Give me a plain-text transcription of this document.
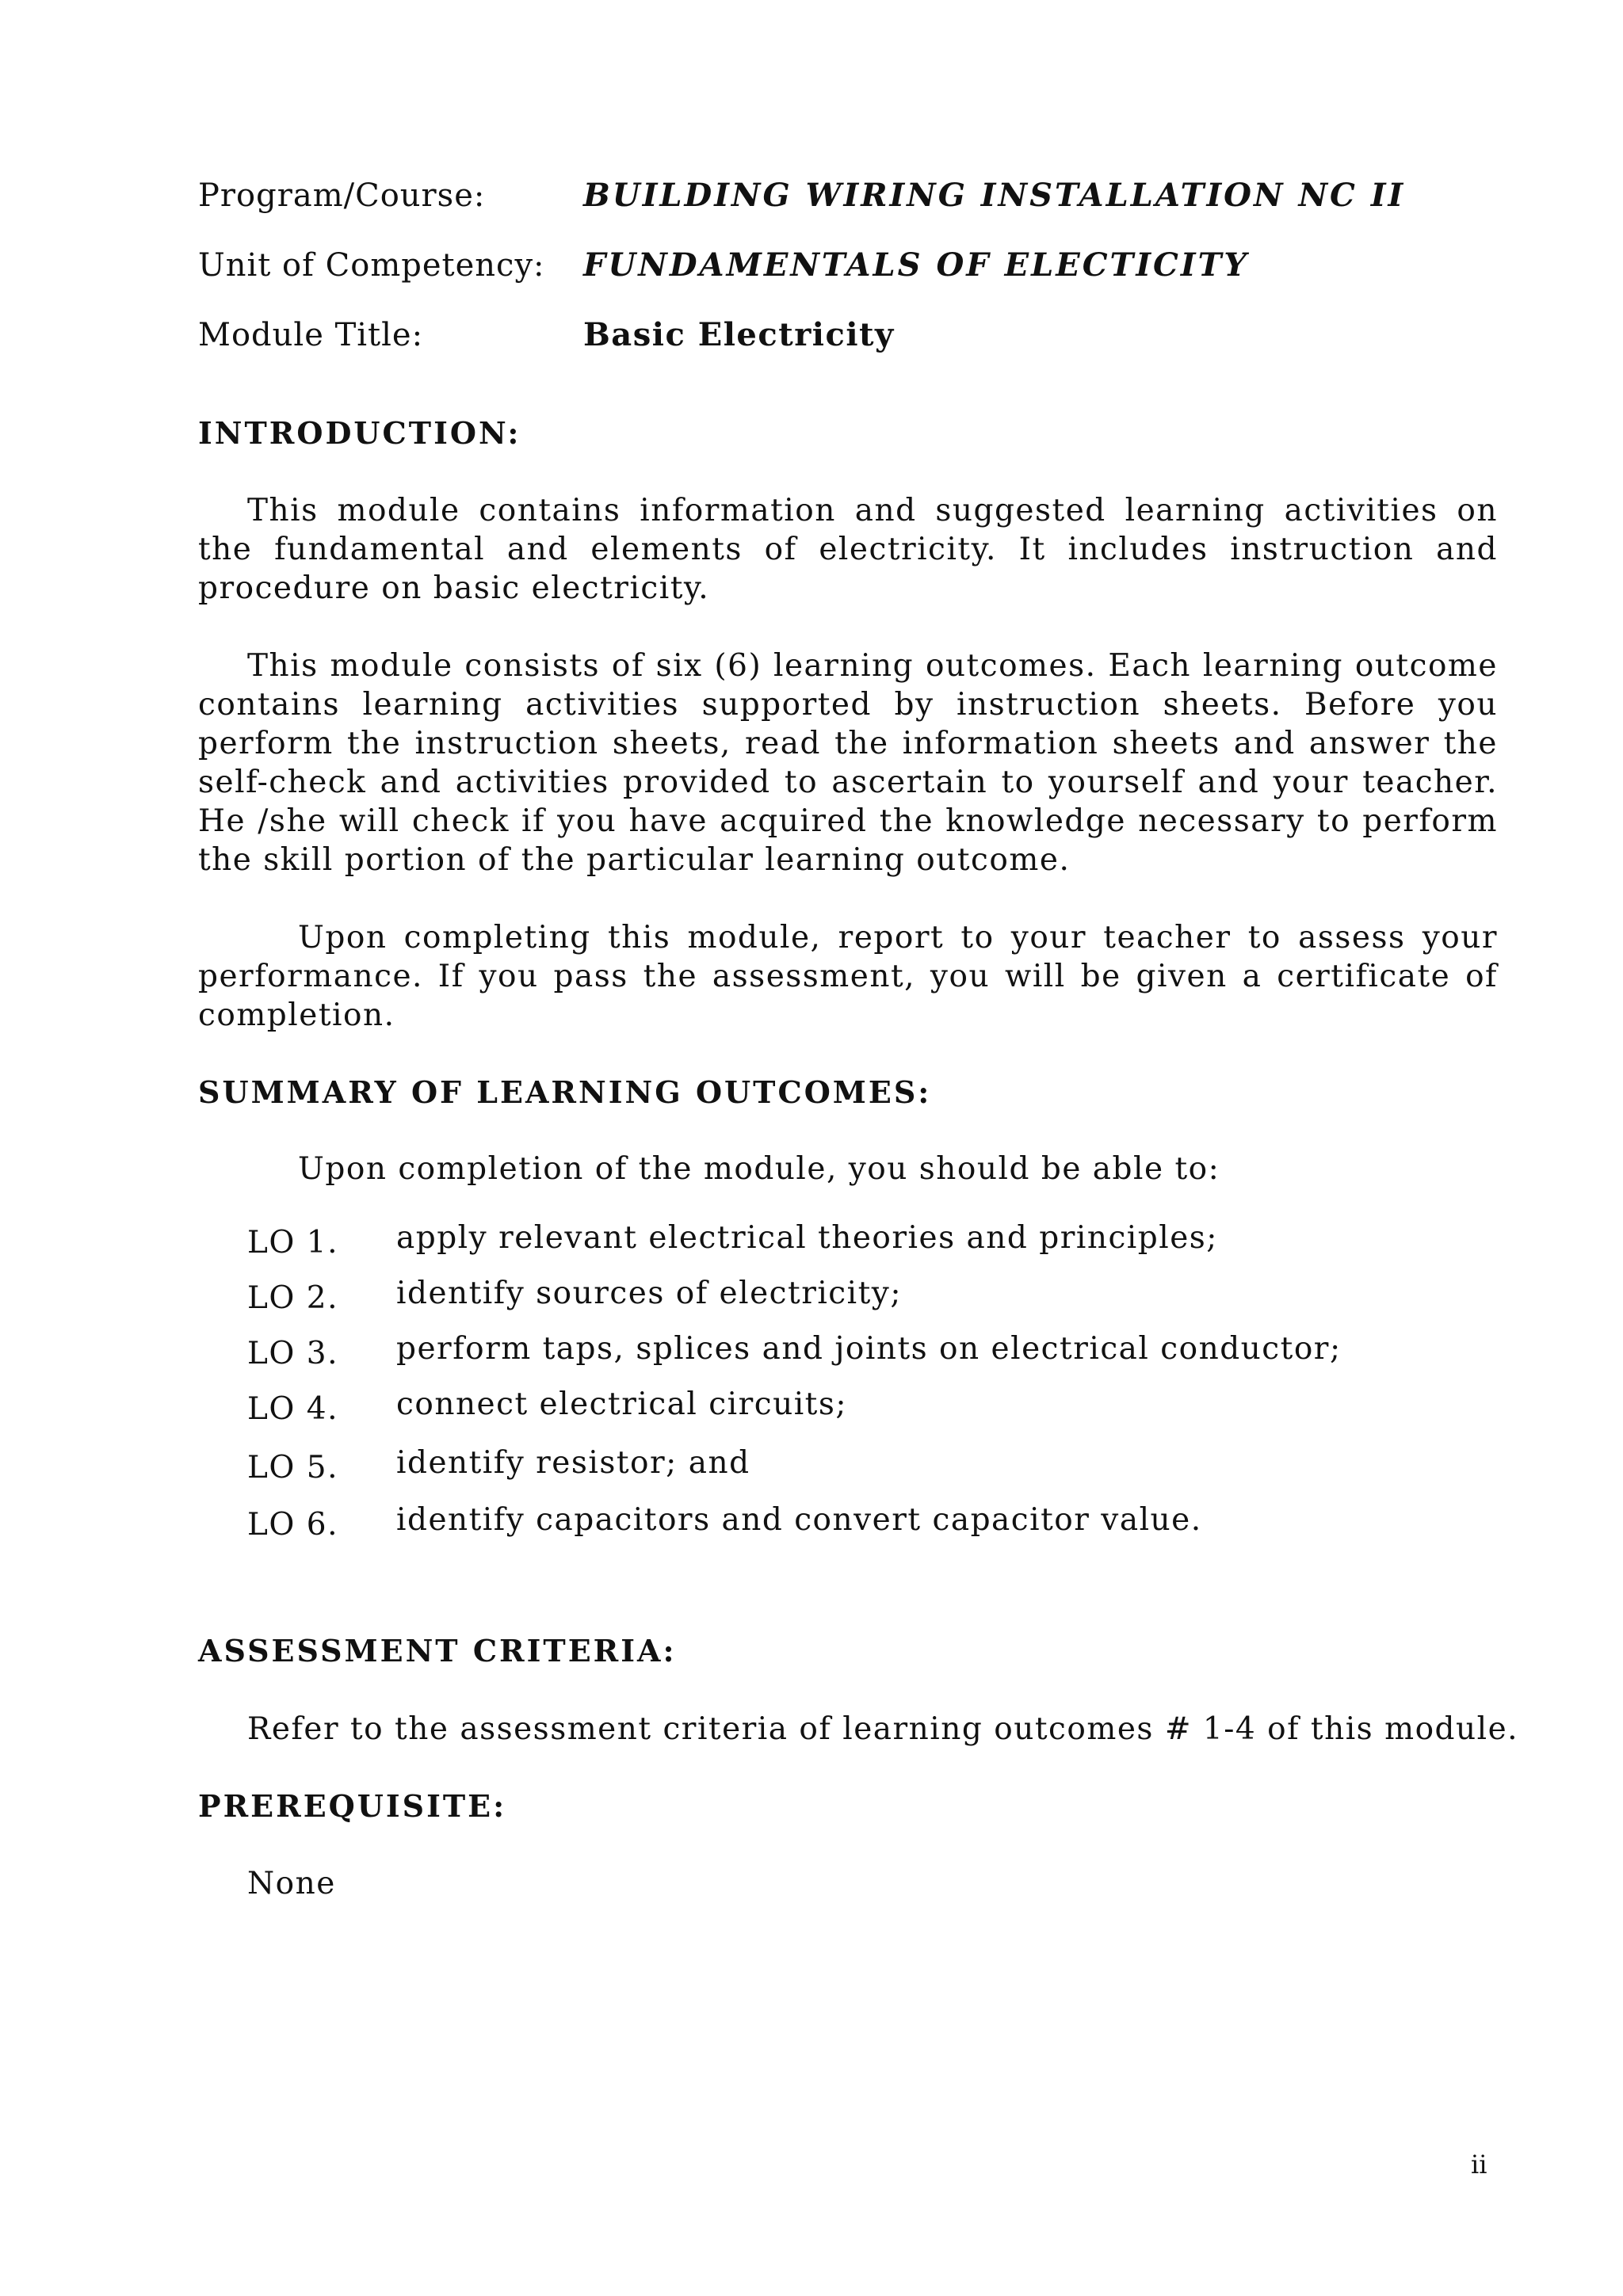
Program/Course:	BUILDING WIRING INSTALLATION NC II
Unit of Competency: FUNDAMENTALS OF ELECTICITY
Module Title:	Basic Electricity
INTRODUCTION:
This module contains information and suggested learning activities on the fundamental and elements of electricity. It includes instruction and procedure on basic electricity.
This module consists of six (6) learning outcomes. Each learning outcome contains learning activities supported by instruction sheets. Before you perform the instruction sheets, read the information sheets and answer the self-check and activities provided to ascertain to yourself and your teacher. He /she will check if you have acquired the knowledge necessary to perform the skill portion of the particular learning outcome.
Upon completing this module, report to your teacher to assess your performance. If you pass the assessment, you will be given a certificate of completion.
SUMMARY OF LEARNING OUTCOMES:
Upon completion of the module, you should be able to:
LO 1. apply relevant electrical theories and principles;
LO 2. identify sources of electricity;
LO 3. perform taps, splices and joints on electrical conductor;
LO 4. connect electrical circuits;
LO 5. identify resistor; and
LO 6. identify capacitors and convert capacitor value.
ASSESSMENT CRITERIA:
Refer to the assessment criteria of learning outcomes # 1-4 of this module.
PREREQUISITE:
None
ii
